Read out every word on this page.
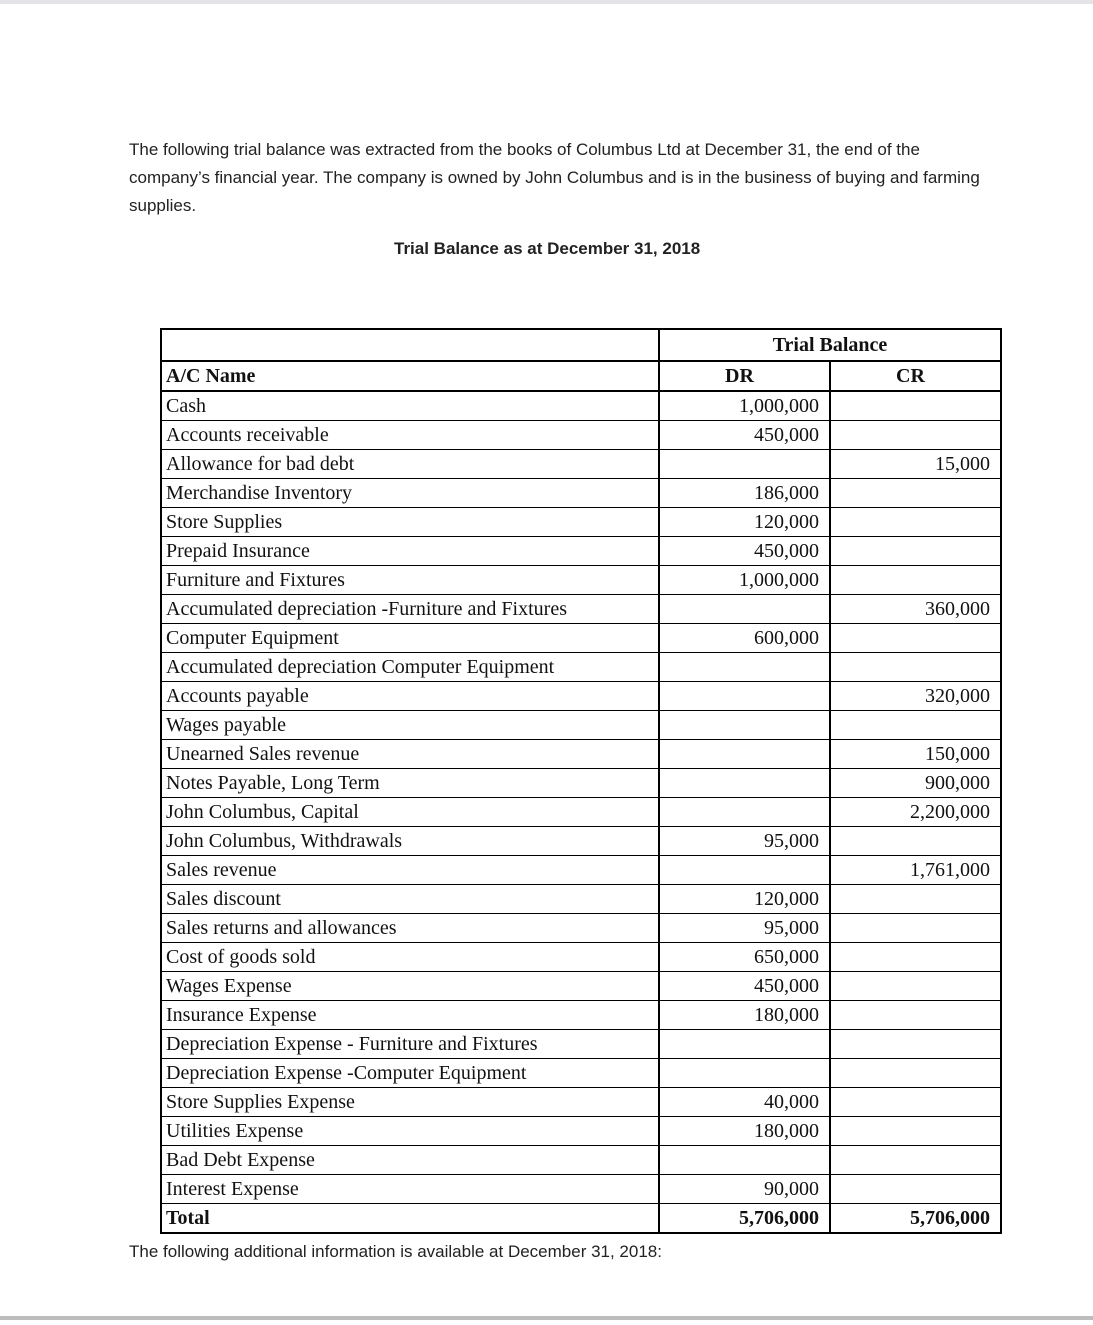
The following trial balance was extracted from the books of Columbus Ltd at December 31, the end of the company’s financial year. The company is owned by John Columbus and is in the business of buying and farming supplies.
Trial Balance as at December 31, 2018
	Trial Balance	
A/C Name	DR	CR
Cash	1,000,000	
Accounts receivable	450,000	
Allowance for bad debt		15,000
Merchandise Inventory	186,000	
Store Supplies	120,000	
Prepaid Insurance	450,000	
Furniture and Fixtures	1,000,000	
Accumulated depreciation -Furniture and Fixtures		360,000
Computer Equipment	600,000	
Accumulated depreciation Computer Equipment		
Accounts payable		320,000
Wages payable		
Unearned Sales revenue		150,000
Notes Payable, Long Term		900,000
John Columbus, Capital		2,200,000
John Columbus, Withdrawals	95,000	
Sales revenue		1,761,000
Sales discount	120,000	
Sales returns and allowances	95,000	
Cost of goods sold	650,000	
Wages Expense	450,000	
Insurance Expense	180,000	
Depreciation Expense - Furniture and Fixtures		
Depreciation Expense -Computer Equipment		
Store Supplies Expense	40,000	
Utilities Expense	180,000	
Bad Debt Expense		
Interest Expense	90,000	
Total	5,706,000	5,706,000
The following additional information is available at December 31, 2018:
